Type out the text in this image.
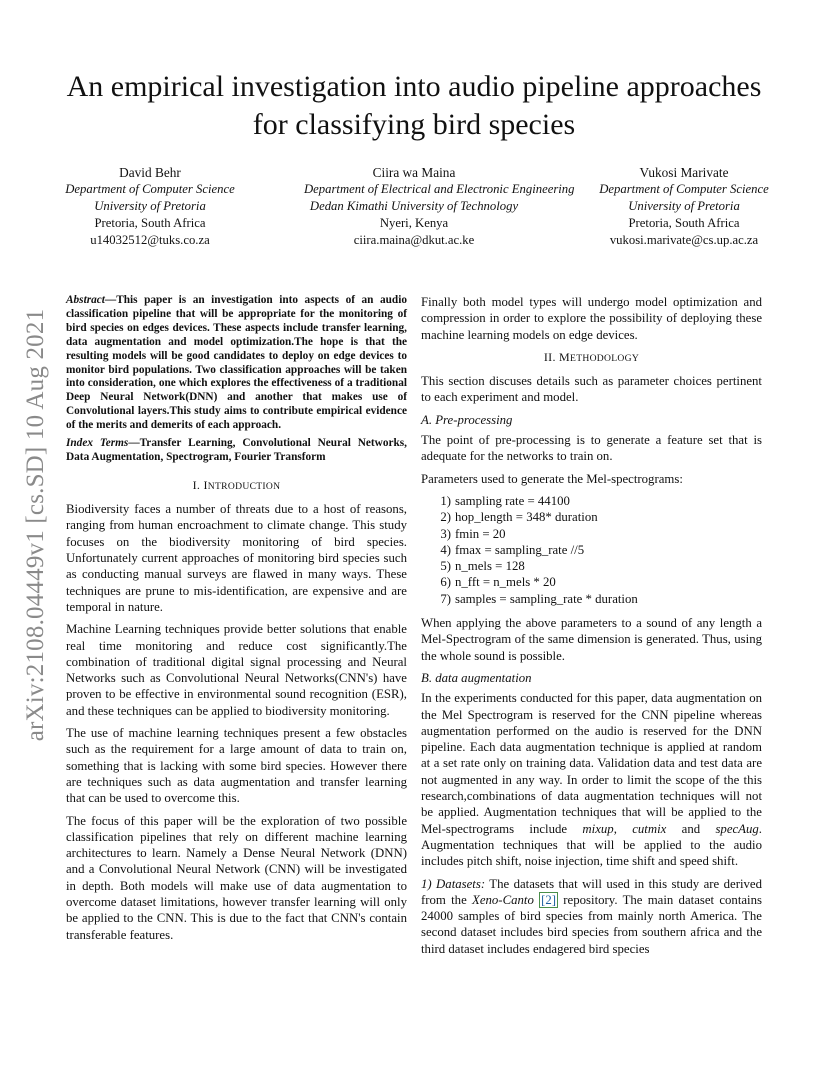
arXiv:2108.04449v1 [cs.SD] 10 Aug 2021
An empirical investigation into audio pipeline approaches for classifying bird species
David Behr
Department of Computer Science
University of Pretoria
Pretoria, South Africa
u14032512@tuks.co.za
Ciira wa Maina
Department of Electrical and Electronic Engineering
Dedan Kimathi University of Technology
Nyeri, Kenya
ciira.maina@dkut.ac.ke
Vukosi Marivate
Department of Computer Science
University of Pretoria
Pretoria, South Africa
vukosi.marivate@cs.up.ac.za

Abstract—This paper is an investigation into aspects of an audio classification pipeline that will be appropriate for the monitoring of bird species on edges devices. These aspects include transfer learning, data augmentation and model optimization.The hope is that the resulting models will be good candidates to deploy on edge devices to monitor bird populations. Two classification approaches will be taken into consideration, one which explores the effectiveness of a traditional Deep Neural Network(DNN) and another that makes use of Convolutional layers.This study aims to contribute empirical evidence of the merits and demerits of each approach.

Index Terms—Transfer Learning, Convolutional Neural Networks, Data Augmentation, Spectrogram, Fourier Transform

I. INTRODUCTION

Biodiversity faces a number of threats due to a host of reasons, ranging from human encroachment to climate change. This study focuses on the biodiversity monitoring of bird species. Unfortunately current approaches of monitoring bird species such as conducting manual surveys are flawed in many ways. These techniques are prune to mis-identification, are expensive and are temporal in nature.

Machine Learning techniques provide better solutions that enable real time monitoring and reduce cost significantly.The combination of traditional digital signal processing and Neural Networks such as Convolutional Neural Networks(CNN's) have proven to be effective in environmental sound recognition (ESR), and these techniques can be applied to biodiversity monitoring.

The use of machine learning techniques present a few obstacles such as the requirement for a large amount of data to train on, something that is lacking with some bird species. However there are techniques such as data augmentation and transfer learning that can be used to overcome this.

The focus of this paper will be the exploration of two possible classification pipelines that rely on different machine learning architectures to learn. Namely a Dense Neural Network (DNN) and a Convolutional Neural Network (CNN) will be investigated in depth. Both models will make use of data augmentation to overcome dataset limitations, however transfer learning will only be applied to the CNN. This is due to the fact that CNN's contain transferable features.

Finally both model types will undergo model optimization and compression in order to explore the possibility of deploying these machine learning models on edge devices.

II. METHODOLOGY

This section discuses details such as parameter choices pertinent to each experiment and model.

A. Pre-processing

The point of pre-processing is to generate a feature set that is adequate for the networks to train on.

Parameters used to generate the Mel-spectrograms:

1) sampling rate = 44100
2) hop_length = 348* duration
3) fmin = 20
4) fmax = sampling_rate //5
5) n_mels = 128
6) n_fft = n_mels * 20
7) samples = sampling_rate * duration

When applying the above parameters to a sound of any length a Mel-Spectrogram of the same dimension is generated. Thus, using the whole sound is possible.

B. data augmentation

In the experiments conducted for this paper, data augmentation on the Mel Spectrogram is reserved for the CNN pipeline whereas augmentation performed on the audio is reserved for the DNN pipeline. Each data augmentation technique is applied at random at a set rate only on training data. Validation data and test data are not augmented in any way. In order to limit the scope of the this research,combinations of data augmentation techniques will not be applied. Augmentation techniques that will be applied to the Mel-spectrograms include mixup, cutmix and specAug. Augmentation techniques that will be applied to the audio includes pitch shift, noise injection, time shift and speed shift.

1) Datasets: The datasets that will used in this study are derived from the Xeno-Canto [2] repository. The main dataset contains 24000 samples of bird species from mainly north America. The second dataset includes bird species from southern africa and the third dataset includes endagered bird species
